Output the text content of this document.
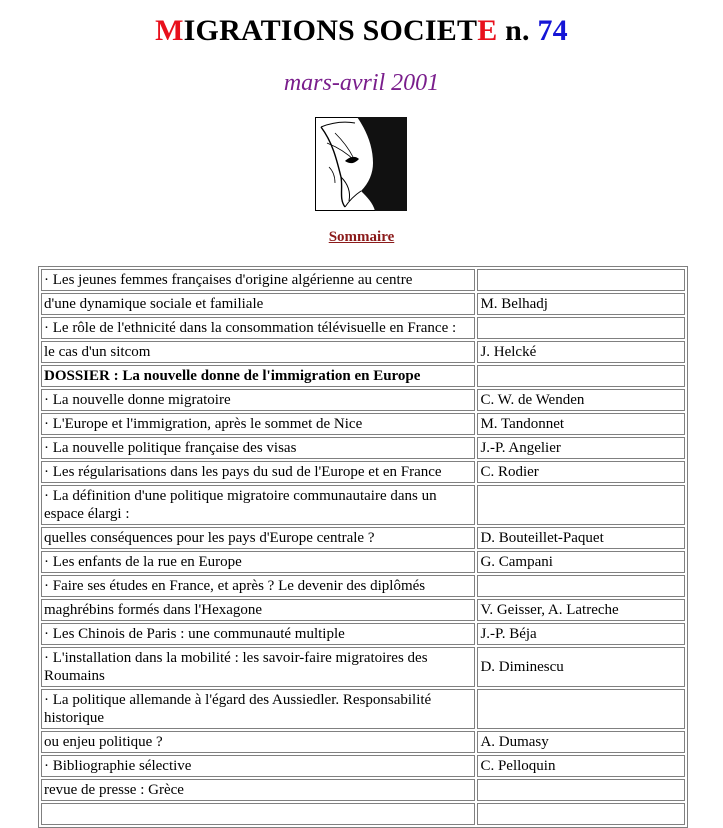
MIGRATIONS SOCIETE n. 74
mars-avril 2001
Sommaire
· Les jeunes femmes françaises d'origine algérienne au centre	
d'une dynamique sociale et familiale	M. Belhadj
· Le rôle de l'ethnicité dans la consommation télévisuelle en France :	
le cas d'un sitcom	J. Helcké
DOSSIER : La nouvelle donne de l'immigration en Europe	
· La nouvelle donne migratoire	C. W. de Wenden
· L'Europe et l'immigration, après le sommet de Nice	M. Tandonnet
· La nouvelle politique française des visas	J.-P. Angelier
· Les régularisations dans les pays du sud de l'Europe et en France	C. Rodier
· La définition d'une politique migratoire communautaire dans un espace élargi :	
quelles conséquences pour les pays d'Europe centrale ?	D. Bouteillet-Paquet
· Les enfants de la rue en Europe	G. Campani
· Faire ses études en France, et après ? Le devenir des diplômés	
maghrébins formés dans l'Hexagone	V. Geisser, A. Latreche
· Les Chinois de Paris : une communauté multiple	J.-P. Béja
· L'installation dans la mobilité : les savoir-faire migratoires des Roumains	D. Diminescu
· La politique allemande à l'égard des Aussiedler. Responsabilité historique	
ou enjeu politique ?	A. Dumasy
· Bibliographie sélective	C. Pelloquin
revue de presse : Grèce	
